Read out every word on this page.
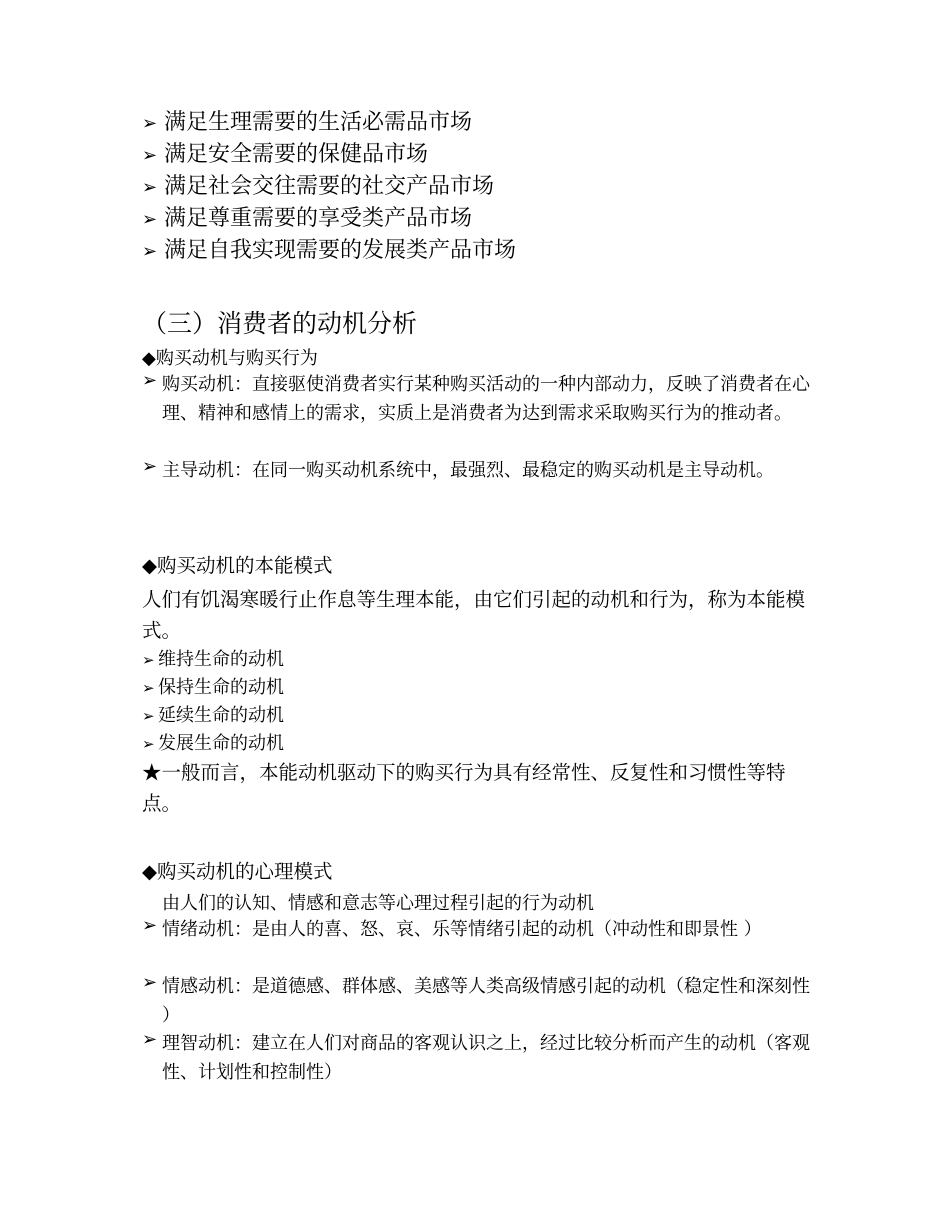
➢ 满足生理需要的生活必需品市场
➢ 满足安全需要的保健品市场
➢ 满足社会交往需要的社交产品市场
➢ 满足尊重需要的享受类产品市场
➢ 满足自我实现需要的发展类产品市场
（三）消费者的动机分析
◆购买动机与购买行为
➢ 购买动机：直接驱使消费者实行某种购买活动的一种内部动力，反映了消费者在心理、精神和感情上的需求，实质上是消费者为达到需求采取购买行为的推动者。
➢ 主导动机：在同一购买动机系统中，最强烈、最稳定的购买动机是主导动机。
◆购买动机的本能模式
人们有饥渴寒暖行止作息等生理本能，由它们引起的动机和行为，称为本能模式。
➢ 维持生命的动机
➢ 保持生命的动机
➢ 延续生命的动机
➢ 发展生命的动机
★一般而言，本能动机驱动下的购买行为具有经常性、反复性和习惯性等特点。
◆购买动机的心理模式
由人们的认知、情感和意志等心理过程引起的行为动机
➢ 情绪动机：是由人的喜、怒、哀、乐等情绪引起的动机（冲动性和即景性 ）
➢ 情感动机：是道德感、群体感、美感等人类高级情感引起的动机（稳定性和深刻性 ）
➢ 理智动机：建立在人们对商品的客观认识之上，经过比较分析而产生的动机（客观性、计划性和控制性）
